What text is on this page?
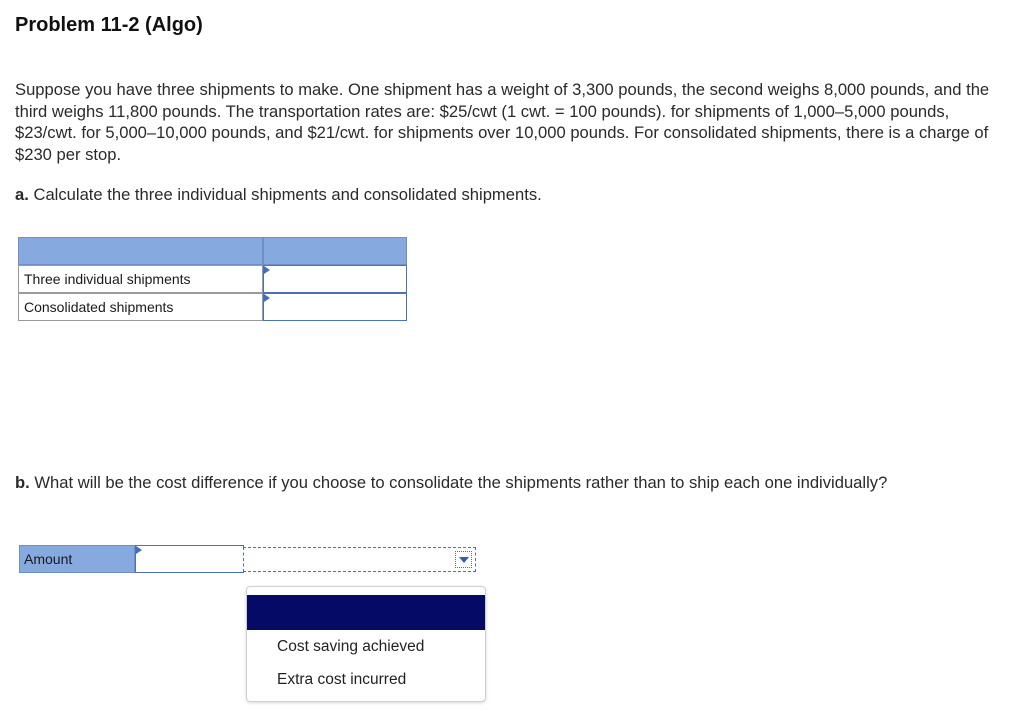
Problem 11-2 (Algo)
Suppose you have three shipments to make. One shipment has a weight of 3,300 pounds, the second weighs 8,000 pounds, and the third weighs 11,800 pounds. The transportation rates are: $25/cwt (1 cwt. = 100 pounds). for shipments of 1,000–5,000 pounds, $23/cwt. for 5,000–10,000 pounds, and $21/cwt. for shipments over 10,000 pounds. For consolidated shipments, there is a charge of $230 per stop.
a. Calculate the three individual shipments and consolidated shipments.
Three individual shipments
Consolidated shipments
b. What will be the cost difference if you choose to consolidate the shipments rather than to ship each one individually?
Amount
Cost saving achieved
Extra cost incurred
